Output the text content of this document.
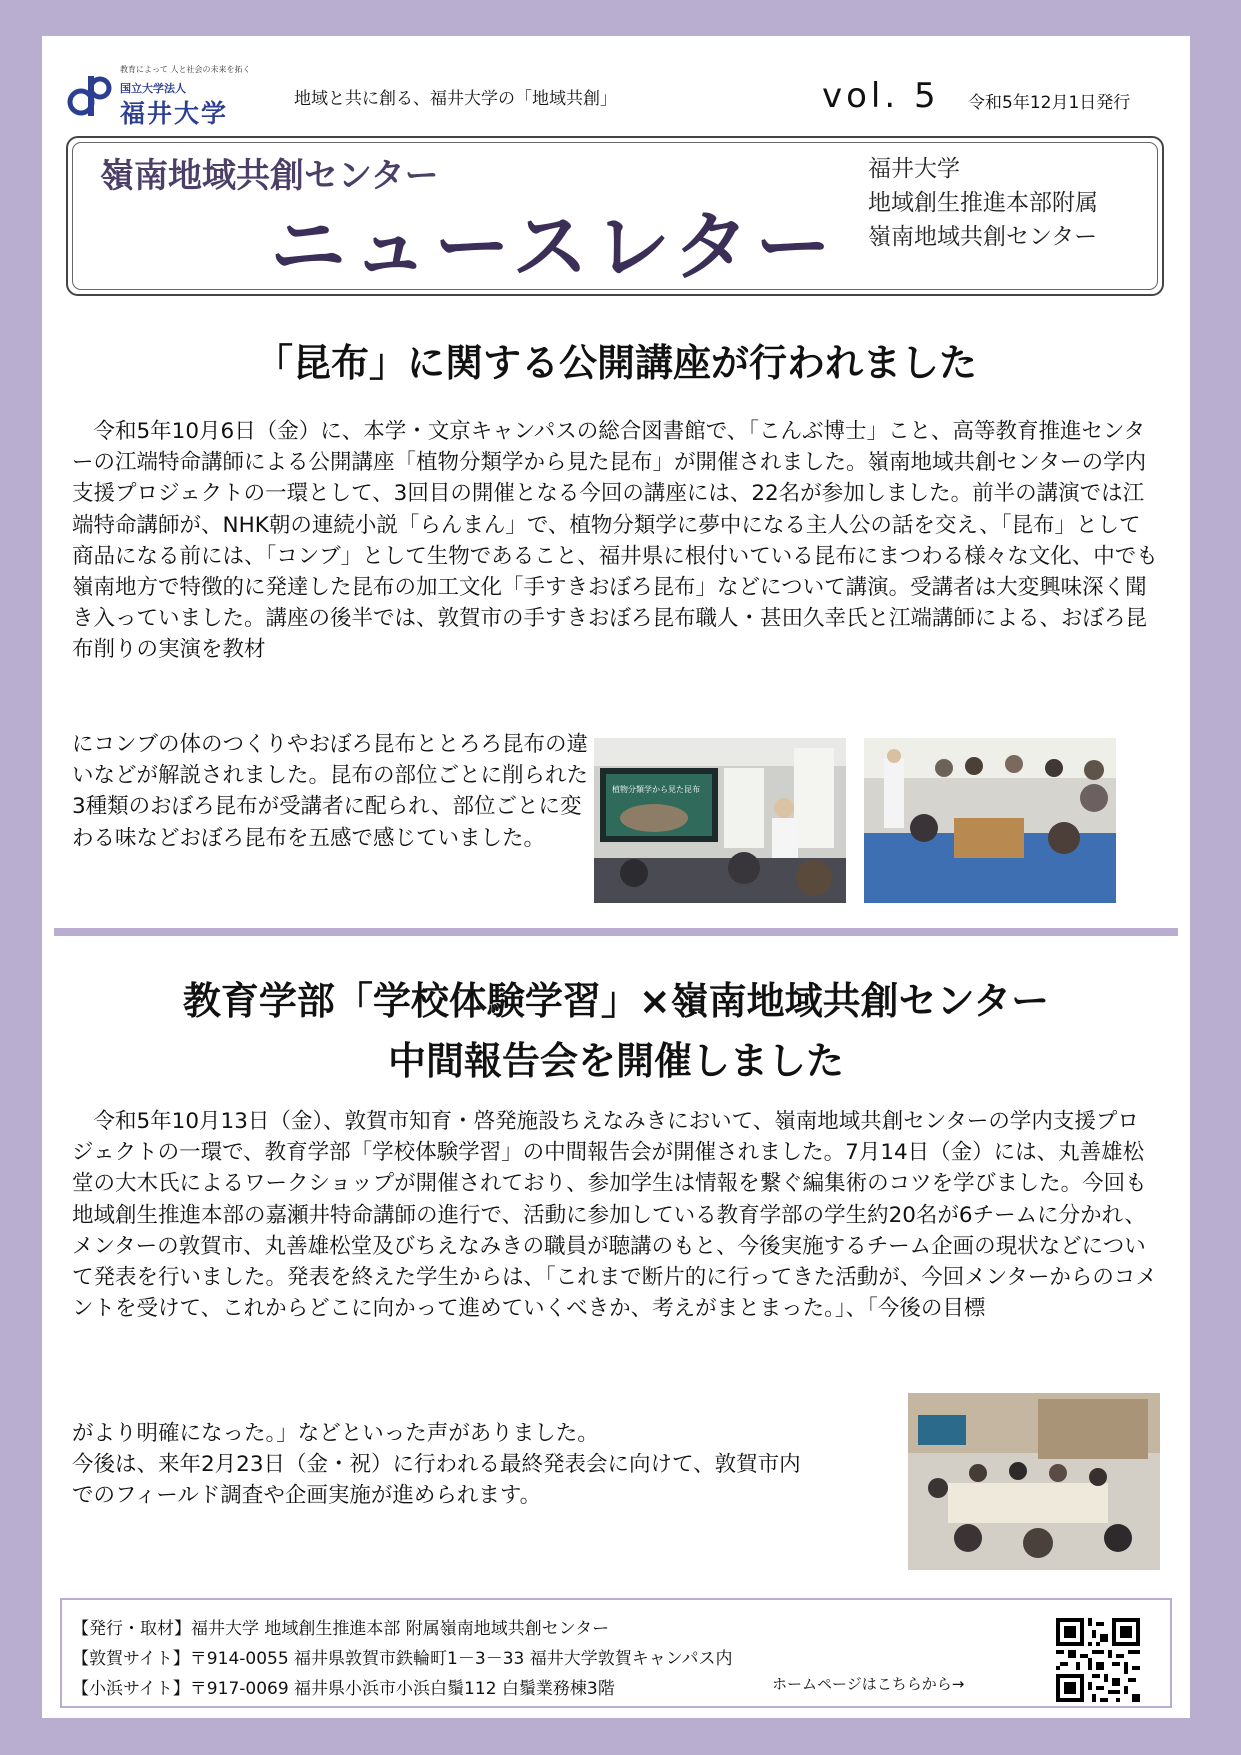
教育によって 人と社会の未来を拓く
国立大学法人
福井大学	地域と共に創る、福井大学の「地域共創」	vol. 5 令和5年12月1日発行
嶺南地域共創センター
ニュースレター
福井大学
地域創生推進本部附属
嶺南地域共創センター
「昆布」に関する公開講座が行われました
　令和5年10月6日（金）に、本学・文京キャンパスの総合図書館で、「こんぶ博士」こと、高等教育推進センターの江端特命講師による公開講座「植物分類学から見た昆布」が開催されました。嶺南地域共創センターの学内支援プロジェクトの一環として、3回目の開催となる今回の講座には、22名が参加しました。前半の講演では江端特命講師が、NHK朝の連続小説「らんまん」で、植物分類学に夢中になる主人公の話を交え、「昆布」として商品になる前には、「コンブ」として生物であること、福井県に根付いている昆布にまつわる様々な文化、中でも嶺南地方で特徴的に発達した昆布の加工文化「手すきおぼろ昆布」などについて講演。受講者は大変興味深く聞き入っていました。講座の後半では、敦賀市の手すきおぼろ昆布職人・甚田久幸氏と江端講師による、おぼろ昆布削りの実演を教材
にコンブの体のつくりやおぼろ昆布ととろろ昆布の違いなどが解説されました。昆布の部位ごとに削られた3種類のおぼろ昆布が受講者に配られ、部位ごとに変わる味などおぼろ昆布を五感で感じていました。
植物分類学から見た昆布
教育学部「学校体験学習」×嶺南地域共創センター
中間報告会を開催しました
　令和5年10月13日（金）、敦賀市知育・啓発施設ちえなみきにおいて、嶺南地域共創センターの学内支援プロジェクトの一環で、教育学部「学校体験学習」の中間報告会が開催されました。7月14日（金）には、丸善雄松堂の大木氏によるワークショップが開催されており、参加学生は情報を繋ぐ編集術のコツを学びました。今回も地域創生推進本部の嘉瀬井特命講師の進行で、活動に参加している教育学部の学生約20名が6チームに分かれ、メンターの敦賀市、丸善雄松堂及びちえなみきの職員が聴講のもと、今後実施するチーム企画の現状などについて発表を行いました。発表を終えた学生からは、「これまで断片的に行ってきた活動が、今回メンターからのコメントを受けて、これからどこに向かって進めていくべきか、考えがまとまった。」、「今後の目標
がより明確になった。」などといった声がありました。
今後は、来年2月23日（金・祝）に行われる最終発表会に向けて、敦賀市内でのフィールド調査や企画実施が進められます。
【発行・取材】福井大学 地域創生推進本部 附属嶺南地域共創センター
【敦賀サイト】〒914-0055 福井県敦賀市鉄輪町1－3－33 福井大学敦賀キャンパス内
【小浜サイト】〒917-0069 福井県小浜市小浜白鬚112 白鬚業務棟3階	ホームページはこちらから→
